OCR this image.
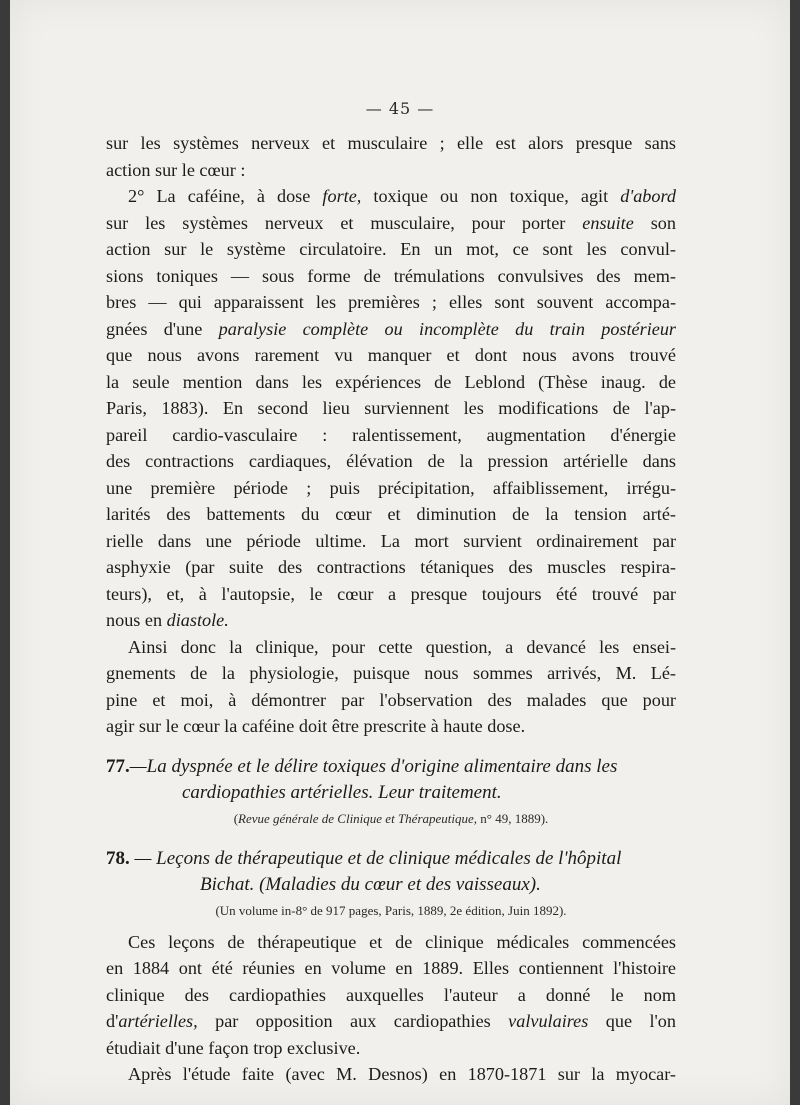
— 45 —

sur les systèmes nerveux et musculaire ; elle est alors presque sans

action sur le cœur :

2° La caféine, à dose forte, toxique ou non toxique, agit d'abord

sur les systèmes nerveux et musculaire, pour porter ensuite son

action sur le système circulatoire. En un mot, ce sont les convul-

sions toniques — sous forme de trémulations convulsives des mem-

bres — qui apparaissent les premières ; elles sont souvent accompa-

gnées d'une paralysie complète ou incomplète du train postérieur

que nous avons rarement vu manquer et dont nous avons trouvé

la seule mention dans les expériences de Leblond (Thèse inaug. de

Paris, 1883). En second lieu surviennent les modifications de l'ap-

pareil cardio-vasculaire : ralentissement, augmentation d'énergie

des contractions cardiaques, élévation de la pression artérielle dans

une première période ; puis précipitation, affaiblissement, irrégu-

larités des battements du cœur et diminution de la tension arté-

rielle dans une période ultime. La mort survient ordinairement par

asphyxie (par suite des contractions tétaniques des muscles respira-

teurs), et, à l'autopsie, le cœur a presque toujours été trouvé par

nous en diastole.

Ainsi donc la clinique, pour cette question, a devancé les ensei-

gnements de la physiologie, puisque nous sommes arrivés, M. Lé-

pine et moi, à démontrer par l'observation des malades que pour

agir sur le cœur la caféine doit être prescrite à haute dose.

77.—La dyspnée et le délire toxiques d'origine alimentaire dans les
cardiopathies artérielles. Leur traitement.

(Revue générale de Clinique et Thérapeutique, n° 49, 1889).

78. — Leçons de thérapeutique et de clinique médicales de l'hôpital
Bichat. (Maladies du cœur et des vaisseaux).

(Un volume in-8° de 917 pages, Paris, 1889, 2e édition, Juin 1892).

Ces leçons de thérapeutique et de clinique médicales commencées

en 1884 ont été réunies en volume en 1889. Elles contiennent l'histoire

clinique des cardiopathies auxquelles l'auteur a donné le nom

d'artérielles, par opposition aux cardiopathies valvulaires que l'on

étudiait d'une façon trop exclusive.

Après l'étude faite (avec M. Desnos) en 1870-1871 sur la myocar-
